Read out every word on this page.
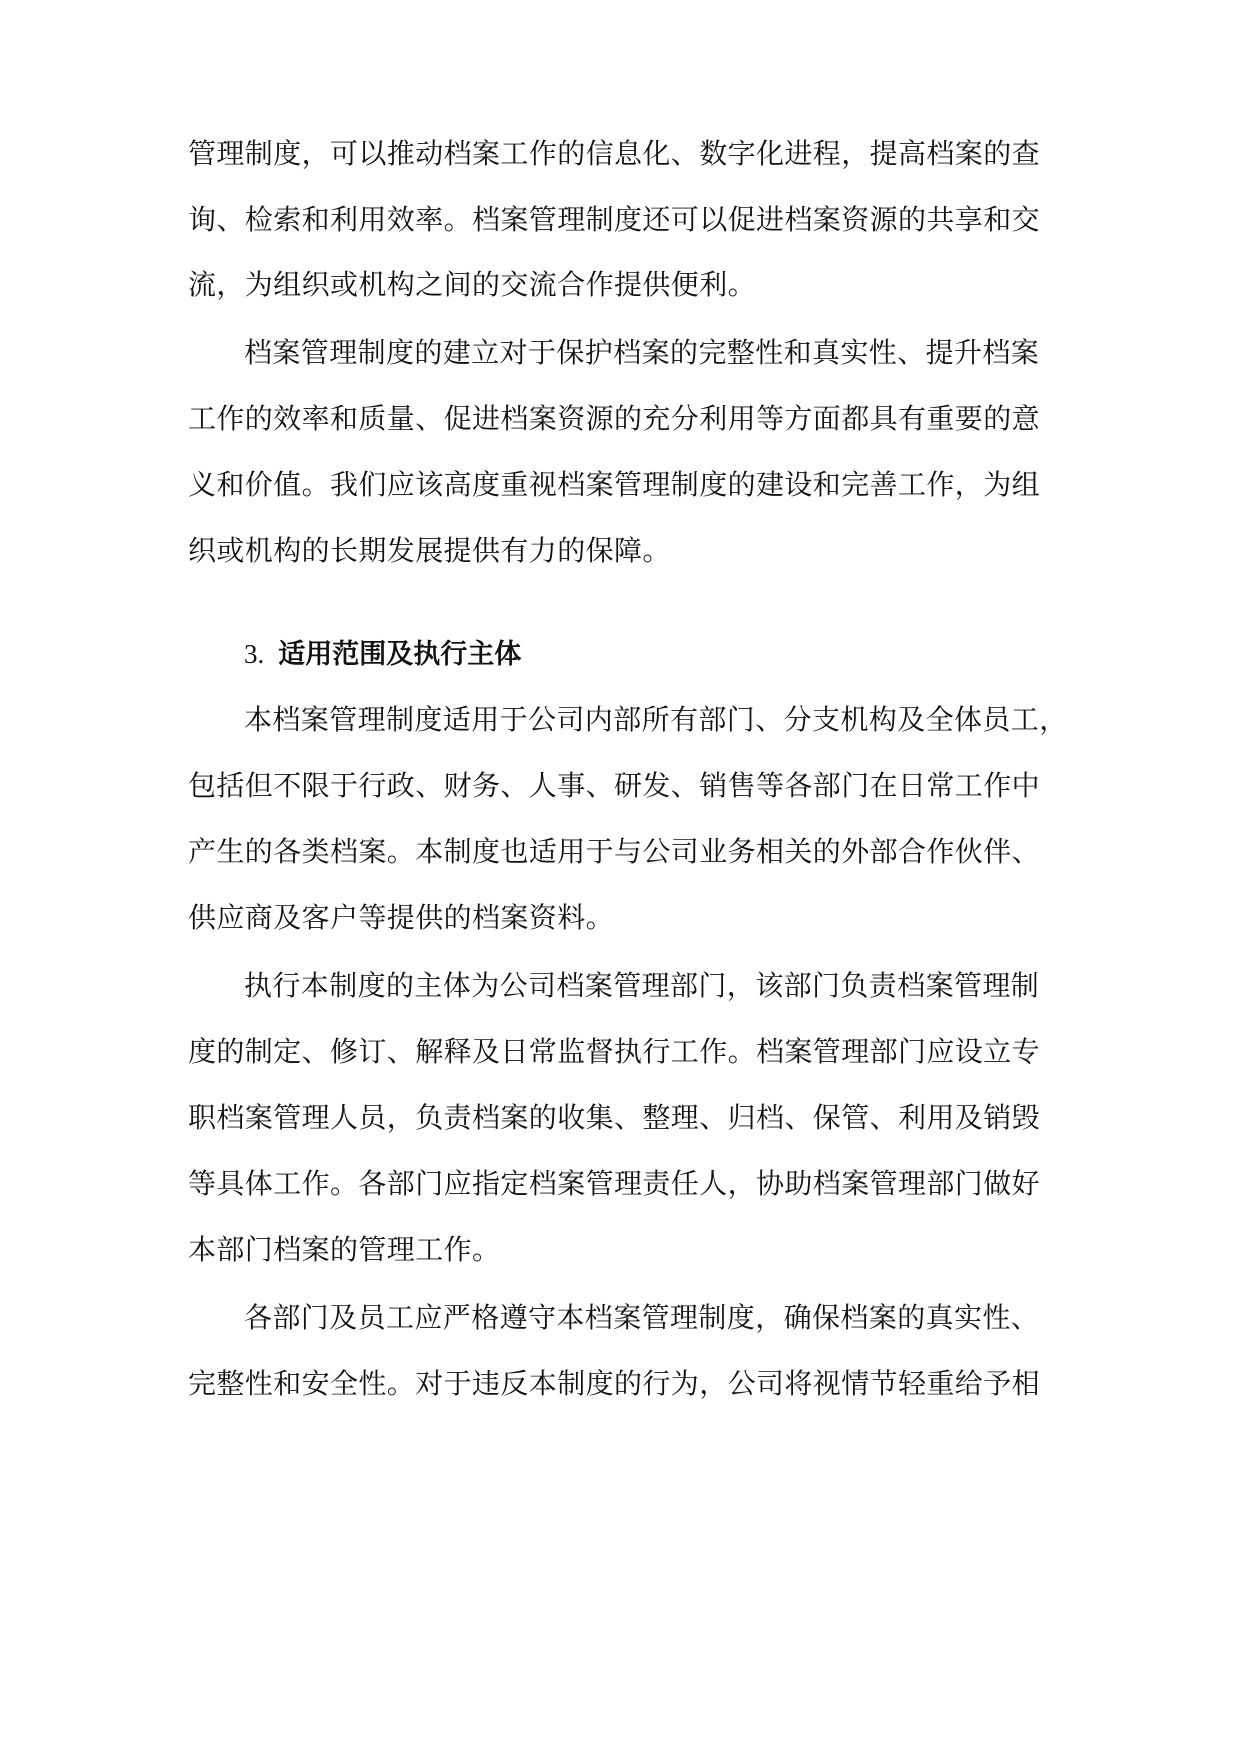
管理制度，可以推动档案工作的信息化、数字化进程，提高档案的查
询、检索和利用效率。档案管理制度还可以促进档案资源的共享和交
流，为组织或机构之间的交流合作提供便利。
档案管理制度的建立对于保护档案的完整性和真实性、提升档案
工作的效率和质量、促进档案资源的充分利用等方面都具有重要的意
义和价值。我们应该高度重视档案管理制度的建设和完善工作，为组
织或机构的长期发展提供有力的保障。
3. 适用范围及执行主体
本档案管理制度适用于公司内部所有部门、分支机构及全体员工，
包括但不限于行政、财务、人事、研发、销售等各部门在日常工作中
产生的各类档案。本制度也适用于与公司业务相关的外部合作伙伴、
供应商及客户等提供的档案资料。
执行本制度的主体为公司档案管理部门，该部门负责档案管理制
度的制定、修订、解释及日常监督执行工作。档案管理部门应设立专
职档案管理人员，负责档案的收集、整理、归档、保管、利用及销毁
等具体工作。各部门应指定档案管理责任人，协助档案管理部门做好
本部门档案的管理工作。
各部门及员工应严格遵守本档案管理制度，确保档案的真实性、
完整性和安全性。对于违反本制度的行为，公司将视情节轻重给予相
